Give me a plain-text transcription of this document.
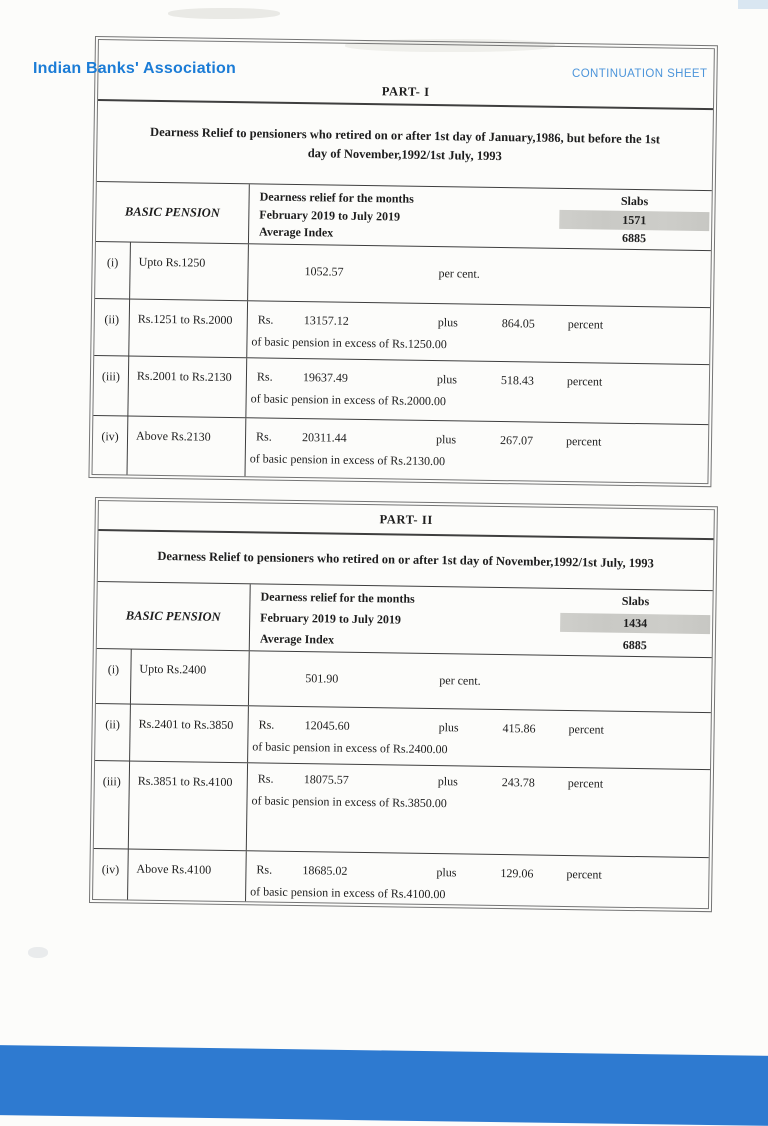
Indian Banks' Association	CONTINUATION SHEET
PART- I

Dearness Relief to pensioners who retired on or after 1st day of January,1986, but before the 1st day of November,1992/1st July, 1993

BASIC PENSION
Dearness relief for the months
February 2019 to July 2019
Average Index
Slabs
1571
6885
(i)	Upto Rs.1250
1052.57	per cent.
(ii)	Rs.1251 to Rs.2000	Rs.	13157.12	plus	864.05	percent
of basic pension in excess of Rs.1250.00
(iii)	Rs.2001 to Rs.2130	Rs.	19637.49	plus	518.43	percent
of basic pension in excess of Rs.2000.00
(iv)	Above Rs.2130	Rs.	20311.44	plus	267.07	percent
of basic pension in excess of Rs.2130.00
PART- II

Dearness Relief to pensioners who retired on or after 1st day of November,1992/1st July, 1993

BASIC PENSION
Dearness relief for the months
February 2019 to July 2019
Average Index
Slabs
1434
6885
(i)	Upto Rs.2400
501.90	per cent.
(ii)	Rs.2401 to Rs.3850	Rs.	12045.60	plus	415.86	percent
of basic pension in excess of Rs.2400.00
(iii)	Rs.3851 to Rs.4100	Rs.	18075.57	plus	243.78	percent
of basic pension in excess of Rs.3850.00
(iv)	Above Rs.4100	Rs.	18685.02	plus	129.06	percent
of basic pension in excess of Rs.4100.00
